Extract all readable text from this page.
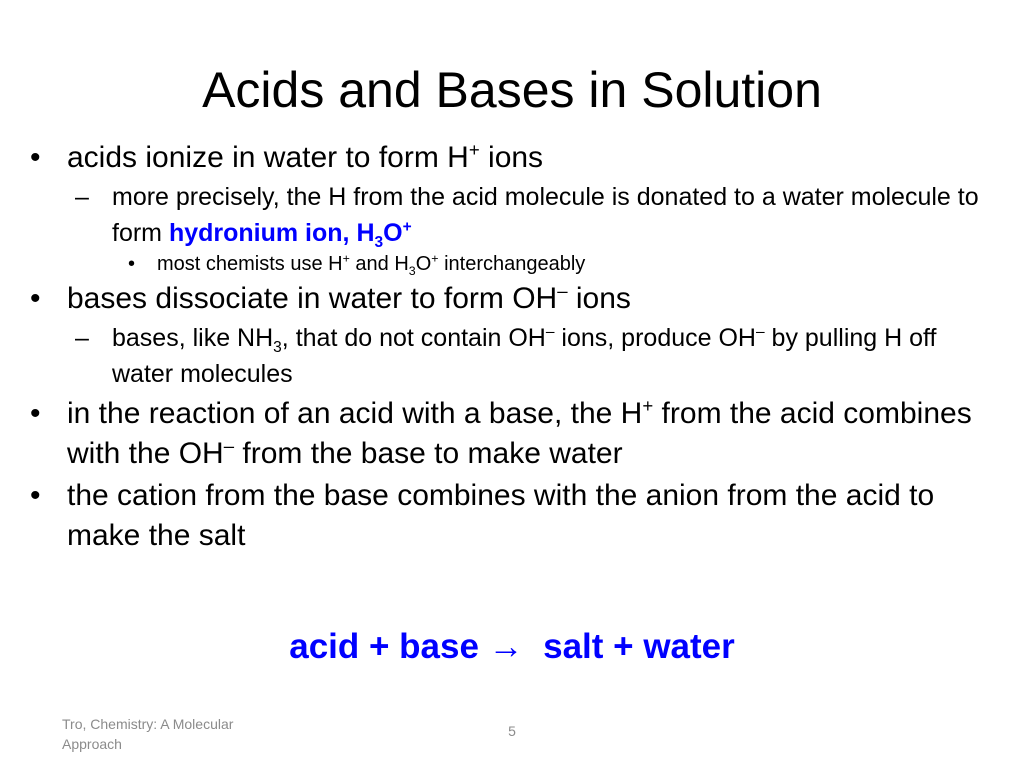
Acids and Bases in Solution
• acids ionize in water to form H+ ions
– more precisely, the H from the acid molecule is donated to a water molecule to form hydronium ion, $H_3O^+$
• most chemists use H+ and $H_3O^+$ interchangeably
• bases dissociate in water to form OH– ions
– bases, like $NH_3$, that do not contain OH– ions, produce OH– by pulling H off water molecules
• in the reaction of an acid with a base, the H+ from the acid combines with the OH– from the base to make water
• the cation from the base combines with the anion from the acid to make the salt
acid + base →  salt + water
Tro, Chemistry: A Molecular Approach
5
